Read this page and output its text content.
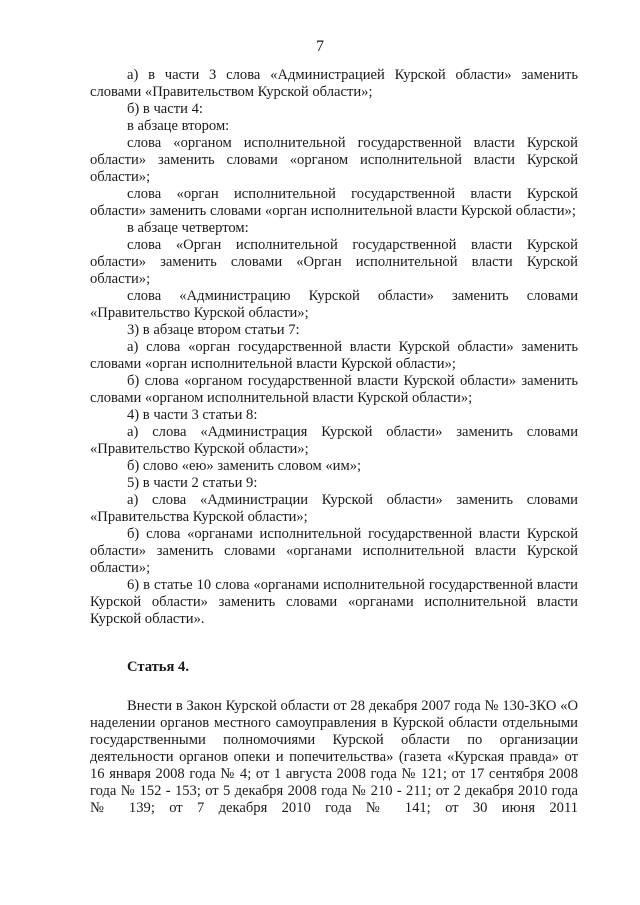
7

а) в части 3 слова «Администрацией Курской области» заменить словами «Правительством Курской области»;

б) в части 4:

в абзаце втором:

слова «органом исполнительной государственной власти Курской области» заменить словами «органом исполнительной власти Курской области»;

слова «орган исполнительной государственной власти Курской области» заменить словами «орган исполнительной власти Курской области»;

в абзаце четвертом:

слова «Орган исполнительной государственной власти Курской области» заменить словами «Орган исполнительной власти Курской области»;

слова «Администрацию Курской области» заменить словами «Правительство Курской области»;

3) в абзаце втором статьи 7:

а) слова «орган государственной власти Курской области» заменить словами «орган исполнительной власти Курской области»;

б) слова «органом государственной власти Курской области» заменить словами «органом исполнительной власти Курской области»;

4) в части 3 статьи 8:

а) слова «Администрация Курской области» заменить словами «Правительство Курской области»;

б) слово «ею» заменить словом «им»;

5) в части 2 статьи 9:

а) слова «Администрации Курской области» заменить словами «Правительства Курской области»;

б) слова «органами исполнительной государственной власти Курской области» заменить словами «органами исполнительной власти Курской области»;

6) в статье 10 слова «органами исполнительной государственной власти Курской области» заменить словами «органами исполнительной власти Курской области».

Статья 4.

Внести в Закон Курской области от 28 декабря 2007 года № 130-ЗКО «О наделении органов местного самоуправления в Курской области отдельными государственными полномочиями Курской области по организации деятельности органов опеки и попечительства» (газета «Курская правда» от 16 января 2008 года № 4; от 1 августа 2008 года № 121; от 17 сентября 2008 года № 152 - 153; от 5 декабря 2008 года № 210 - 211; от 2 декабря 2010 года № 139; от 7 декабря 2010 года № 141; от 30 июня 2011
